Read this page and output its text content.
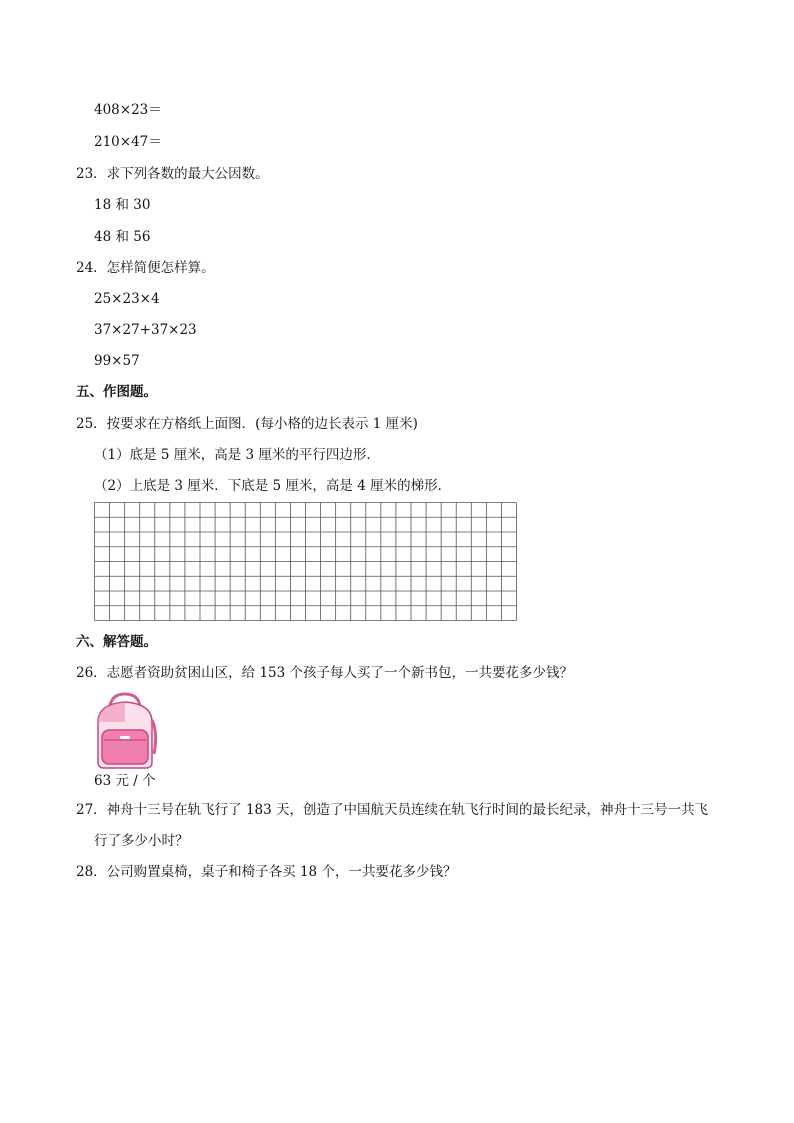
408×23＝
210×47＝
23．求下列各数的最大公因数。
18 和 30
48 和 56
24．怎样简便怎样算。
25×23×4
37×27+37×23
99×57
五、作图题。
25．按要求在方格纸上面图．(每小格的边长表示 1 厘米)
（1）底是 5 厘米，高是 3 厘米的平行四边形．
（2）上底是 3 厘米．下底是 5 厘米，高是 4 厘米的梯形．
六、解答题。
26．志愿者资助贫困山区，给 153 个孩子每人买了一个新书包，一共要花多少钱？
63 元 / 个
27．神舟十三号在轨飞行了 183 天，创造了中国航天员连续在轨飞行时间的最长纪录，神舟十三号一共飞
行了多少小时？
28．公司购置桌椅，桌子和椅子各买 18 个，一共要花多少钱？
